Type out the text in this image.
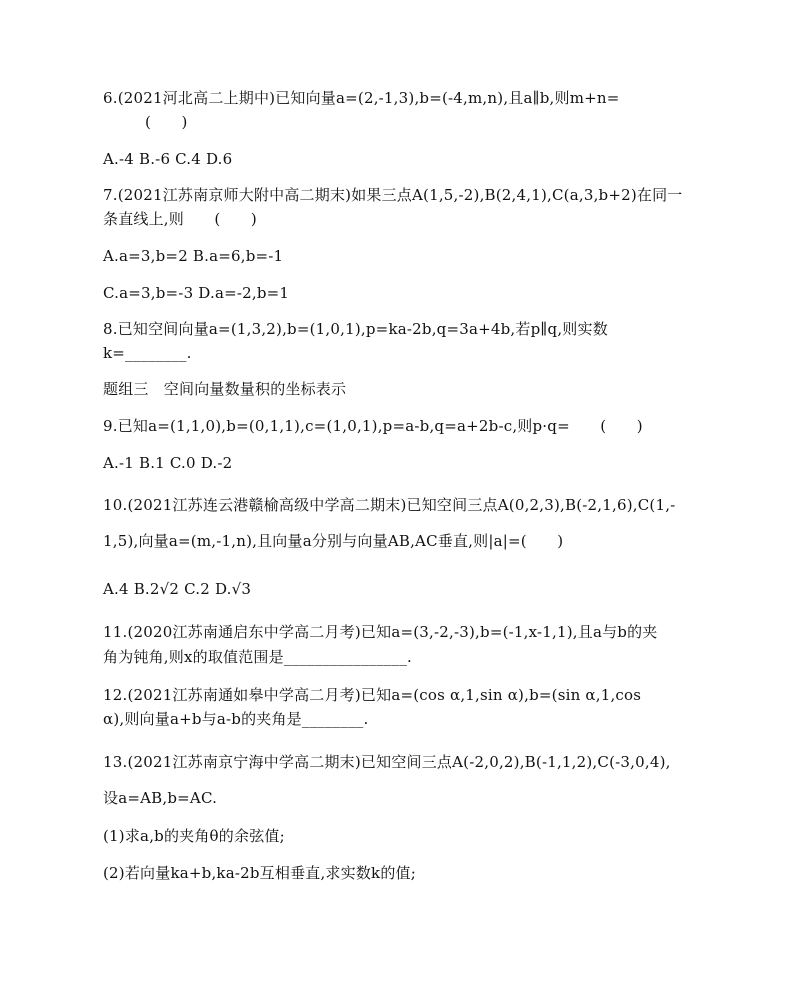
6.(2021河北高二上期中)已知向量a=(2,-1,3),b=(-4,m,n),且a∥b,则m+n=
(　　)
A.-4 B.-6 C.4 D.6
7.(2021江苏南京师大附中高二期末)如果三点A(1,5,-2),B(2,4,1),C(a,3,b+2)在同一
条直线上,则　　(　　)
A.a=3,b=2 B.a=6,b=-1
C.a=3,b=-3 D.a=-2,b=1
8.已知空间向量a=(1,3,2),b=(1,0,1),p=ka-2b,q=3a+4b,若p∥q,则实数
k=________.
题组三　空间向量数量积的坐标表示
9.已知a=(1,1,0),b=(0,1,1),c=(1,0,1),p=a-b,q=a+2b-c,则p·q=　　(　　)
A.-1 B.1 C.0 D.-2
10.(2021江苏连云港赣榆高级中学高二期末)已知空间三点A(0,2,3),B(-2,1,6),C(1,-
1,5),向量a=(m,-1,n),且向量a分别与向量AB,AC垂直,则|a|=(　　)
A.4 B.2√2 C.2 D.√3
11.(2020江苏南通启东中学高二月考)已知a=(3,-2,-3),b=(-1,x-1,1),且a与b的夹
角为钝角,则x的取值范围是________________.
12.(2021江苏南通如皋中学高二月考)已知a=(cos α,1,sin α),b=(sin α,1,cos
α),则向量a+b与a-b的夹角是________.
13.(2021江苏南京宁海中学高二期末)已知空间三点A(-2,0,2),B(-1,1,2),C(-3,0,4),
设a=AB,b=AC.
(1)求a,b的夹角θ的余弦值;
(2)若向量ka+b,ka-2b互相垂直,求实数k的值;
